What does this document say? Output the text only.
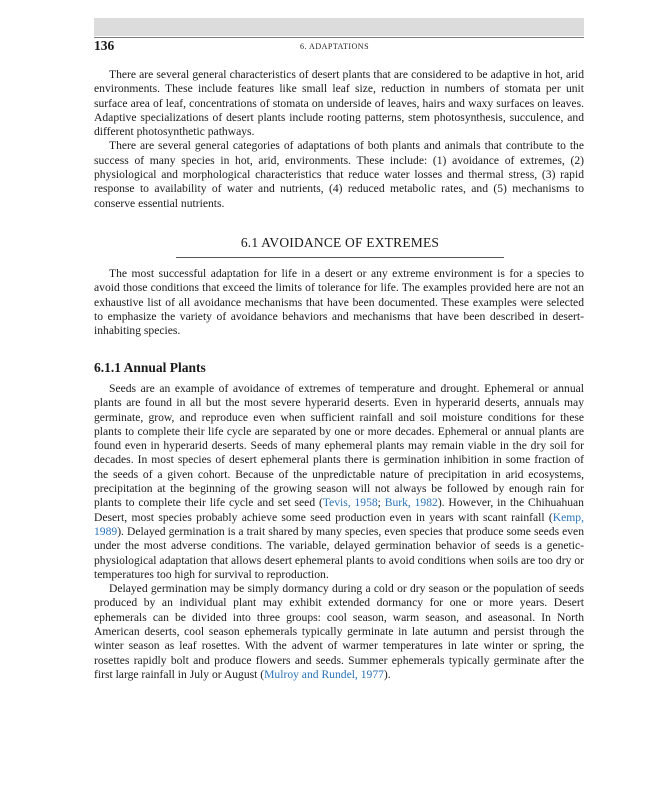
136	6. ADAPTATIONS

There are several general characteristics of desert plants that are considered to be adaptive in hot, arid environments. These include features like small leaf size, reduction in numbers of stomata per unit surface area of leaf, concentrations of stomata on underside of leaves, hairs and waxy surfaces on leaves. Adaptive specializations of desert plants include rooting patterns, stem photosynthesis, succulence, and different photosynthetic pathways.

There are several general categories of adaptations of both plants and animals that contribute to the success of many species in hot, arid, environments. These include: (1) avoidance of extremes, (2) physiological and morphological characteristics that reduce water losses and thermal stress, (3) rapid response to availability of water and nutrients, (4) reduced metabolic rates, and (5) mechanisms to conserve essential nutrients.

6.1 AVOIDANCE OF EXTREMES

The most successful adaptation for life in a desert or any extreme environment is for a species to avoid those conditions that exceed the limits of tolerance for life. The examples provided here are not an exhaustive list of all avoidance mechanisms that have been documented. These examples were selected to emphasize the variety of avoidance behaviors and mechanisms that have been described in desert-inhabiting species.

6.1.1 Annual Plants

Seeds are an example of avoidance of extremes of temperature and drought. Ephemeral or annual plants are found in all but the most severe hyperarid deserts. Even in hyperarid deserts, annuals may germinate, grow, and reproduce even when sufficient rainfall and soil moisture conditions for these plants to complete their life cycle are separated by one or more decades. Ephemeral or annual plants are found even in hyperarid deserts. Seeds of many ephemeral plants may remain viable in the dry soil for decades. In most species of desert ephemeral plants there is germination inhibition in some fraction of the seeds of a given cohort. Because of the unpredictable nature of precipitation in arid ecosystems, precipitation at the beginning of the growing season will not always be followed by enough rain for plants to complete their life cycle and set seed (Tevis, 1958; Burk, 1982). However, in the Chihuahuan Desert, most species probably achieve some seed production even in years with scant rainfall (Kemp, 1989). Delayed germination is a trait shared by many species, even species that produce some seeds even under the most adverse conditions. The variable, delayed germination behavior of seeds is a genetic-physiological adaptation that allows desert ephemeral plants to avoid conditions when soils are too dry or temperatures too high for survival to reproduction.

Delayed germination may be simply dormancy during a cold or dry season or the population of seeds produced by an individual plant may exhibit extended dormancy for one or more years. Desert ephemerals can be divided into three groups: cool season, warm season, and aseasonal. In North American deserts, cool season ephemerals typically germinate in late autumn and persist through the winter season as leaf rosettes. With the advent of warmer temperatures in late winter or spring, the rosettes rapidly bolt and produce flowers and seeds. Summer ephemerals typically germinate after the first large rainfall in July or August (Mulroy and Rundel, 1977).
